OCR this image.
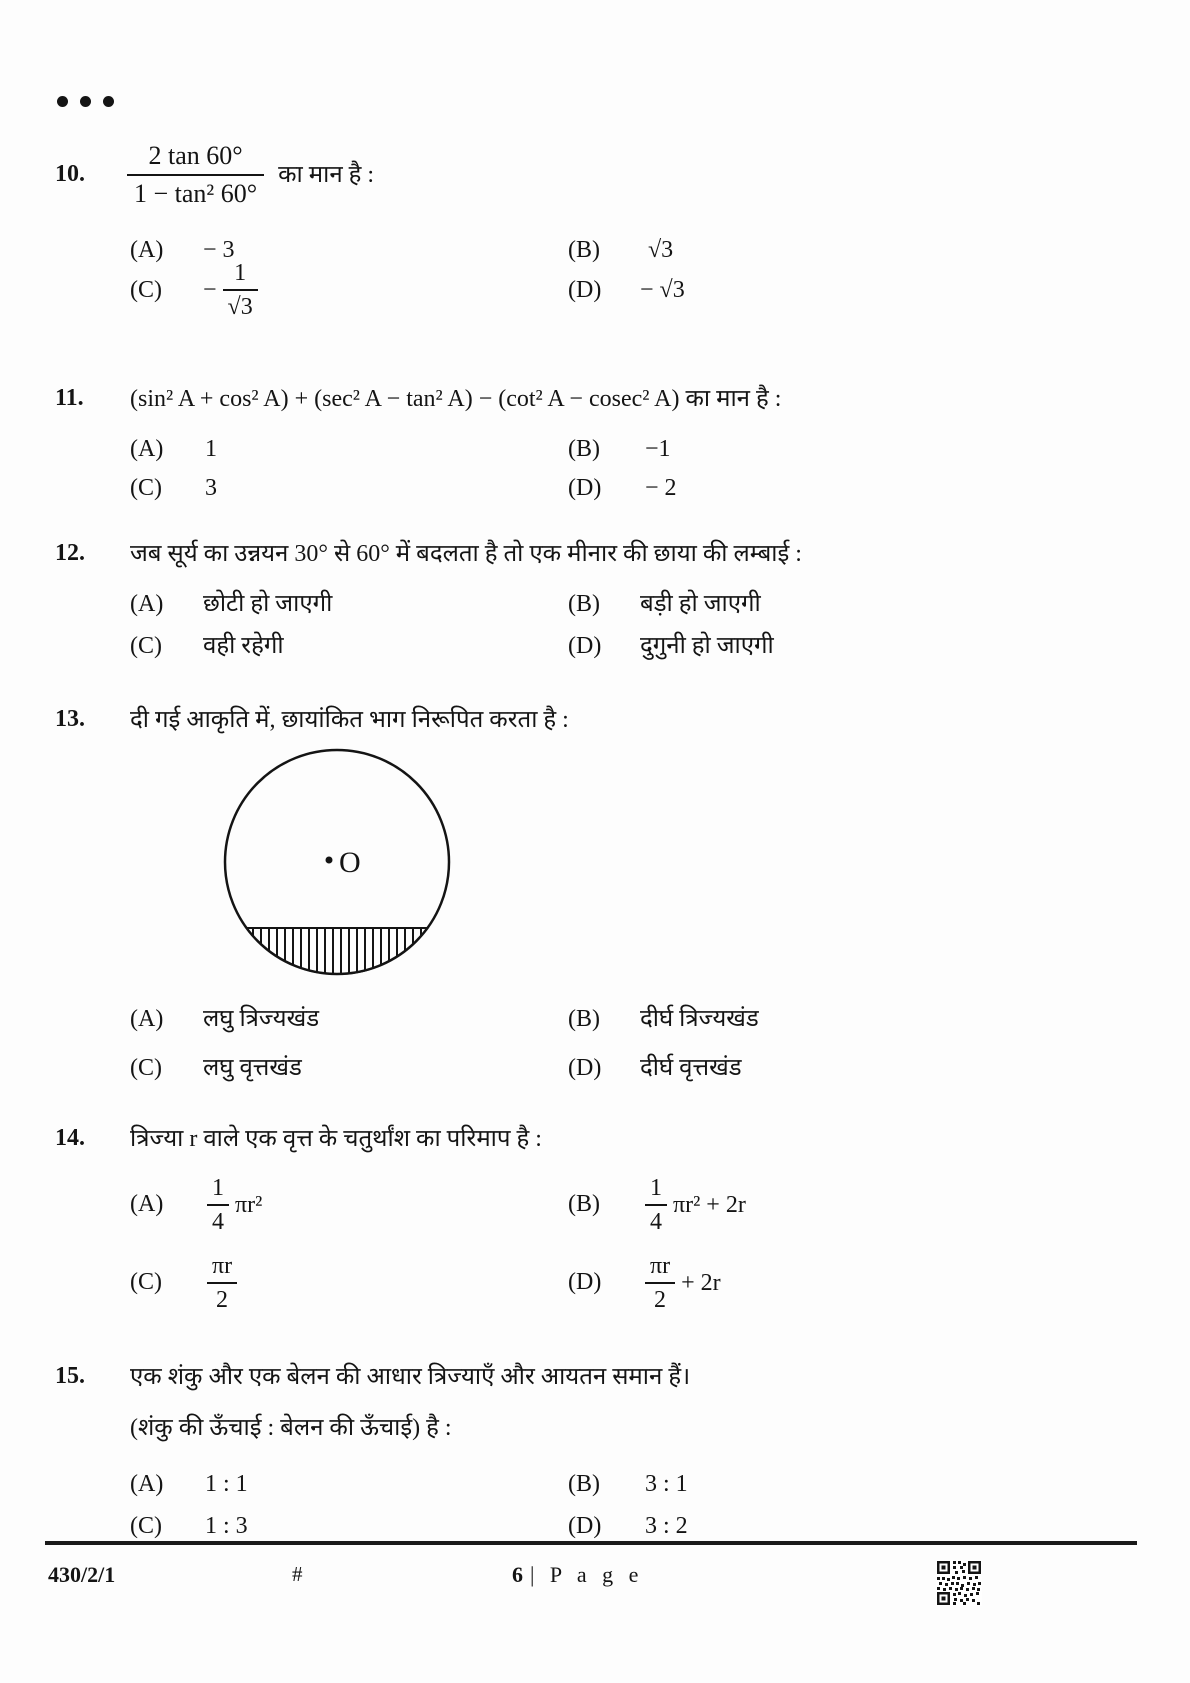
10. $\frac{2 \tan 60^\circ}{\text{1 − tan² 60°}}$ का मान है :
(A) − 3	(B) √3
$(C) - \frac{1}{√3}$	(D) − √3
11. (sin² A + cos² A) + (sec² A − tan² A) − (cot² A − cosec² A) का मान है :
(A) 1	(B) −1
(C) 3	(D) − 2
12. जब सूर्य का उन्नयन 30° से 60° में बदलता है तो एक मीनार की छाया की लम्बाई :
(A) छोटी हो जाएगी	(B) बड़ी हो जाएगी
(C) वही रहेगी	(D) दुगुनी हो जाएगी
13. दी गई आकृति में, छायांकित भाग निरूपित करता है :
O
(A) लघु त्रिज्यखंड	(B) दीर्घ त्रिज्यखंड
(C) लघु वृत्तखंड	(D) दीर्घ वृत्तखंड
14. त्रिज्या r वाले एक वृत्त के चतुर्थांश का परिमाप है :
$(A) \frac{1}{4} \pi r^2$	$(B) \frac{1}{4} \pi r^2 + 2r$
$(C) \frac{\pi r}{2}$	$(D) \frac{\pi r}{2} + 2r$
15. एक शंकु और एक बेलन की आधार त्रिज्याएँ और आयतन समान हैं।
(शंकु की ऊँचाई : बेलन की ऊँचाई) है :
(A) 1 : 1	(B) 3 : 1
(C) 1 : 3	(D) 3 : 2
430/2/1	#	6 | P a g e
